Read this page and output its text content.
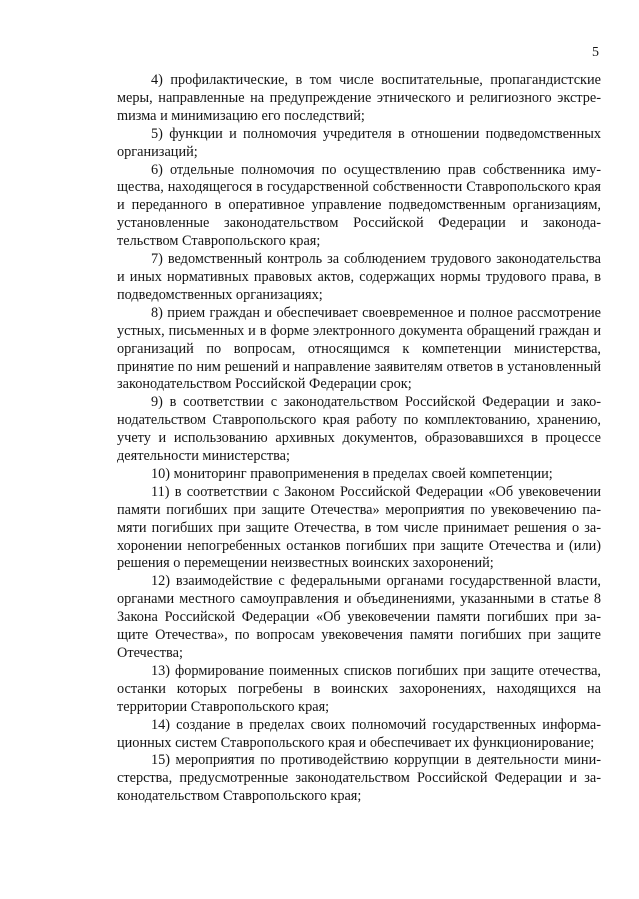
5

4) профилактические, в том числе воспитательные, пропагандистские меры, направленные на предупреждение этнического и религиозного экстреmизма и минимизацию его последствий;

5) функции и полномочия учредителя в отношении подведомственных организаций;

6) отдельные полномочия по осуществлению прав собственника имущества, находящегося в государственной собственности Ставропольского края и переданного в оперативное управление подведомственным организациям, установленные законодательством Российской Федерации и законодательством Ставропольского края;

7) ведомственный контроль за соблюдением трудового законодательства и иных нормативных правовых актов, содержащих нормы трудового права, в подведомственных организациях;

8) прием граждан и обеспечивает своевременное и полное рассмотрение устных, письменных и в форме электронного документа обращений граждан и организаций по вопросам, относящимся к компетенции министерства, принятие по ним решений и направление заявителям ответов в установленный законодательством Российской Федерации срок;

9) в соответствии с законодательством Российской Федерации и законодательством Ставропольского края работу по комплектованию, хранению, учету и использованию архивных документов, образовавшихся в процессе деятельности министерства;

10) мониторинг правоприменения в пределах своей компетенции;

11) в соответствии с Законом Российской Федерации «Об увековечении памяти погибших при защите Отечества» мероприятия по увековечению памяти погибших при защите Отечества, в том числе принимает решения о захоронении непогребенных останков погибших при защите Отечества и (или) решения о перемещении неизвестных воинских захоронений;

12) взаимодействие с федеральными органами государственной власти, органами местного самоуправления и объединениями, указанными в статье 8 Закона Российской Федерации «Об увековечении памяти погибших при защите Отечества», по вопросам увековечения памяти погибших при защите Отечества;

13) формирование поименных списков погибших при защите отечества, останки которых погребены в воинских захоронениях, находящихся на территории Ставропольского края;

14) создание в пределах своих полномочий государственных информационных систем Ставропольского края и обеспечивает их функционирование;

15) мероприятия по противодействию коррупции в деятельности министерства, предусмотренные законодательством Российской Федерации и законодательством Ставропольского края;
